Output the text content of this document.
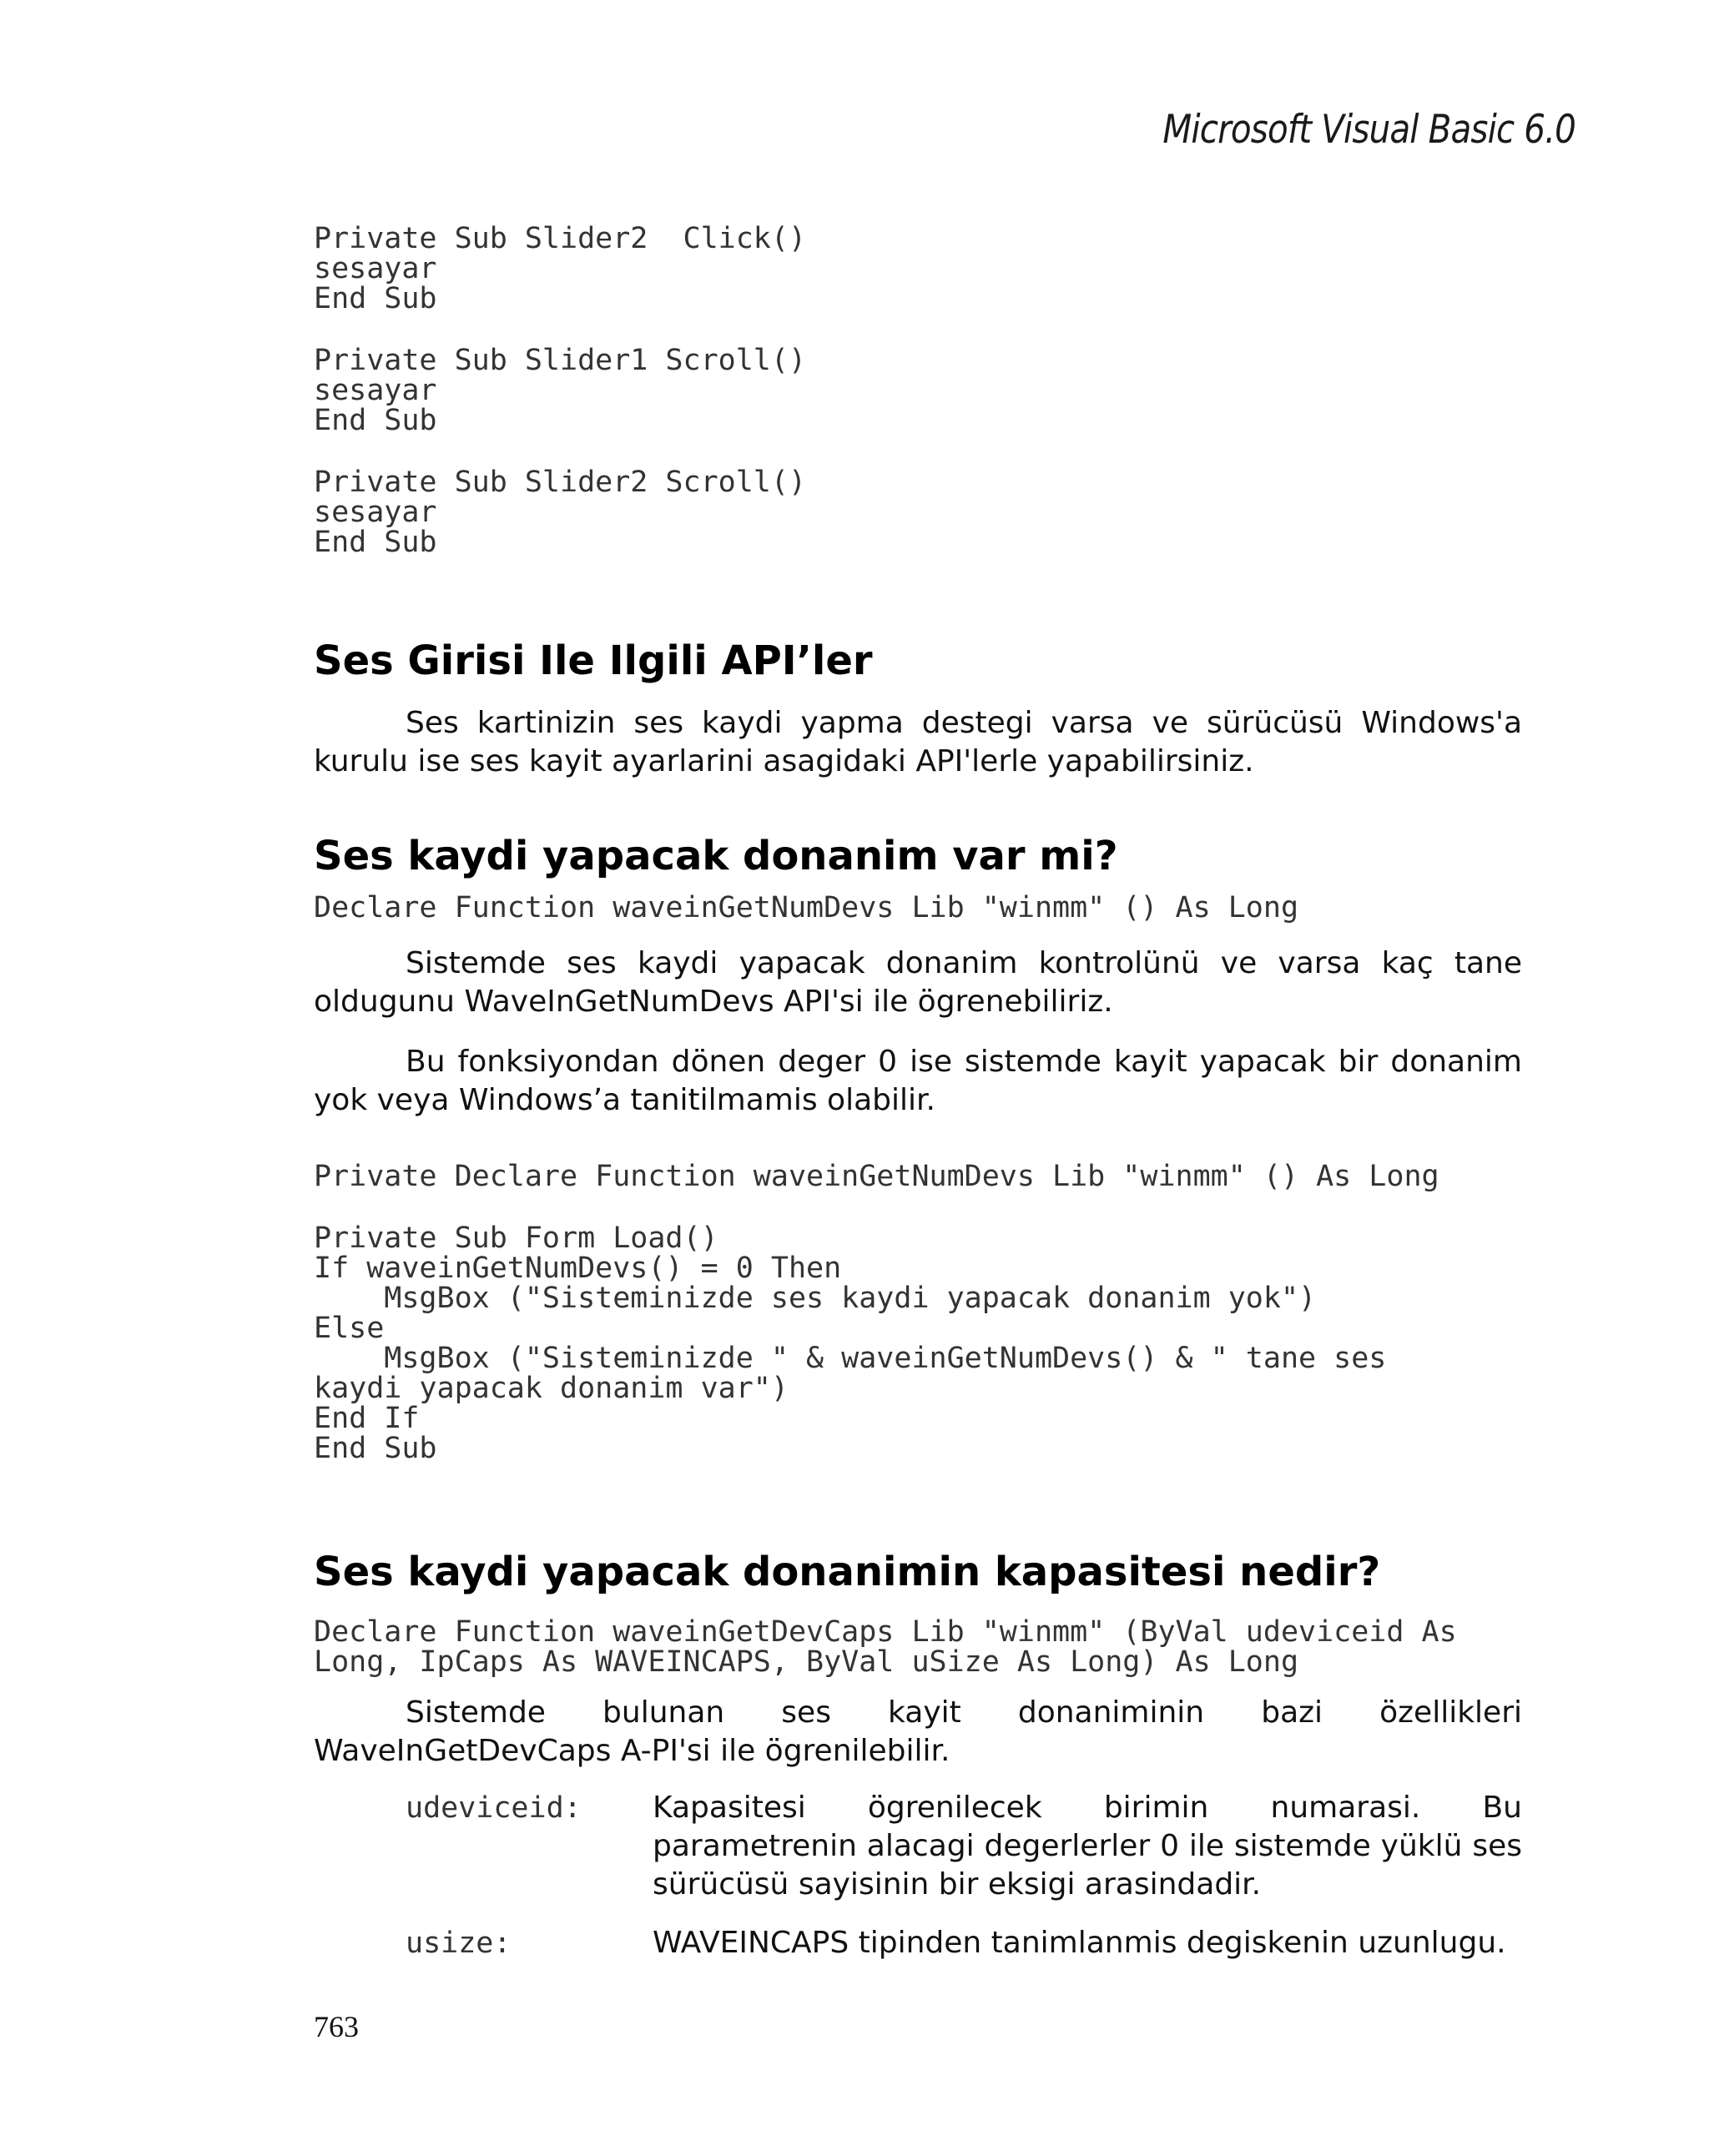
Microsoft Visual Basic 6.0
Private Sub Slider2  Click()
sesayar
End Sub
Private Sub Slider1 Scroll()
sesayar
End Sub
Private Sub Slider2 Scroll()
sesayar
End Sub
Ses Girisi Ile Ilgili API’ler

Ses kartinizin ses kaydi yapma destegi varsa ve sürücüsü Windows'a kurulu ise ses kayit ayarlarini asagidaki API'lerle yapabilirsiniz.

Ses kaydi yapacak donanim var mi?
Declare Function waveinGetNumDevs Lib "winmm" () As Long

Sistemde ses kaydi yapacak donanim kontrolünü ve varsa kaç tane oldugunu WaveInGetNumDevs API'si ile ögrenebiliriz.

Bu fonksiyondan dönen deger 0 ise sistemde kayit yapacak bir donanim yok veya Windows’a tanitilmamis olabilir.

Private Declare Function waveinGetNumDevs Lib "winmm" () As Long
Private Sub Form Load()
If waveinGetNumDevs() = 0 Then
MsgBox ("Sisteminizde ses kaydi yapacak donanim yok")
Else
MsgBox ("Sisteminizde " & waveinGetNumDevs() & " tane ses
kaydi yapacak donanim var")
End If
End Sub
Ses kaydi yapacak donanimin kapasitesi nedir?
Declare Function waveinGetDevCaps Lib "winmm" (ByVal udeviceid As
Long, IpCaps As WAVEINCAPS, ByVal uSize As Long) As Long

Sistemde bulunan ses kayit donaniminin bazi özellikleri WaveInGetDevCaps A-PI'si ile ögrenilebilir.

udeviceid:	Kapasitesi ögrenilecek birimin numarasi. Bu parametrenin alacagi degerlerler 0 ile sistemde yüklü ses sürücüsü sayisinin bir eksigi arasindadir.
usize:	WAVEINCAPS tipinden tanimlanmis degiskenin uzunlugu.
763
